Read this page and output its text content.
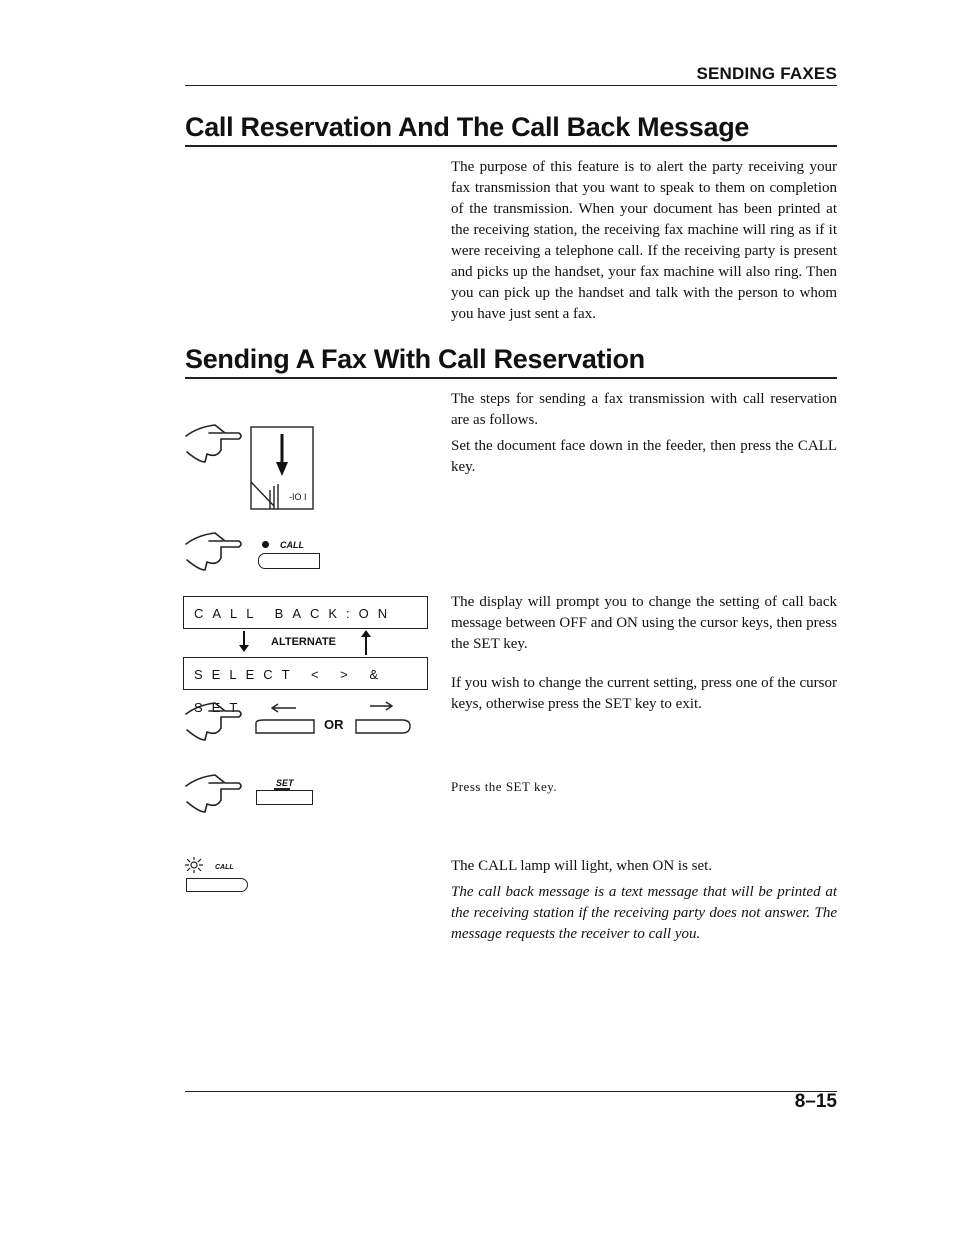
SENDING FAXES
Call Reservation And The Call Back Message
The purpose of this feature is to alert the party receiving your fax transmission that you want to speak to them on completion of the transmission. When your document has been printed at the receiving station, the receiving fax machine will ring as if it were receiving a telephone call. If the receiving party is present and picks up the handset, your fax machine will also ring. Then you can pick up the handset and talk with the person to whom you have just sent a fax.
Sending A Fax With Call Reservation
The steps for sending a fax transmission with call reservation are as follows.
Set the document face down in the feeder, then press the CALL key.
The display will prompt you to change the setting of call back message between OFF and ON using the cursor keys, then press the SET key.
If you wish to change the current setting, press one of the cursor keys, otherwise press the SET key to exit.
Press the SET key.
The CALL lamp will light, when ON is set.
The call back message is a text message that will be printed at the receiving station if the receiving party does not answer. The message requests the receiver to call you.
-IO I
CALL
CALL BACK:ON
ALTERNATE
SELECT < > & SET
OR
SET
CALL
8–15
